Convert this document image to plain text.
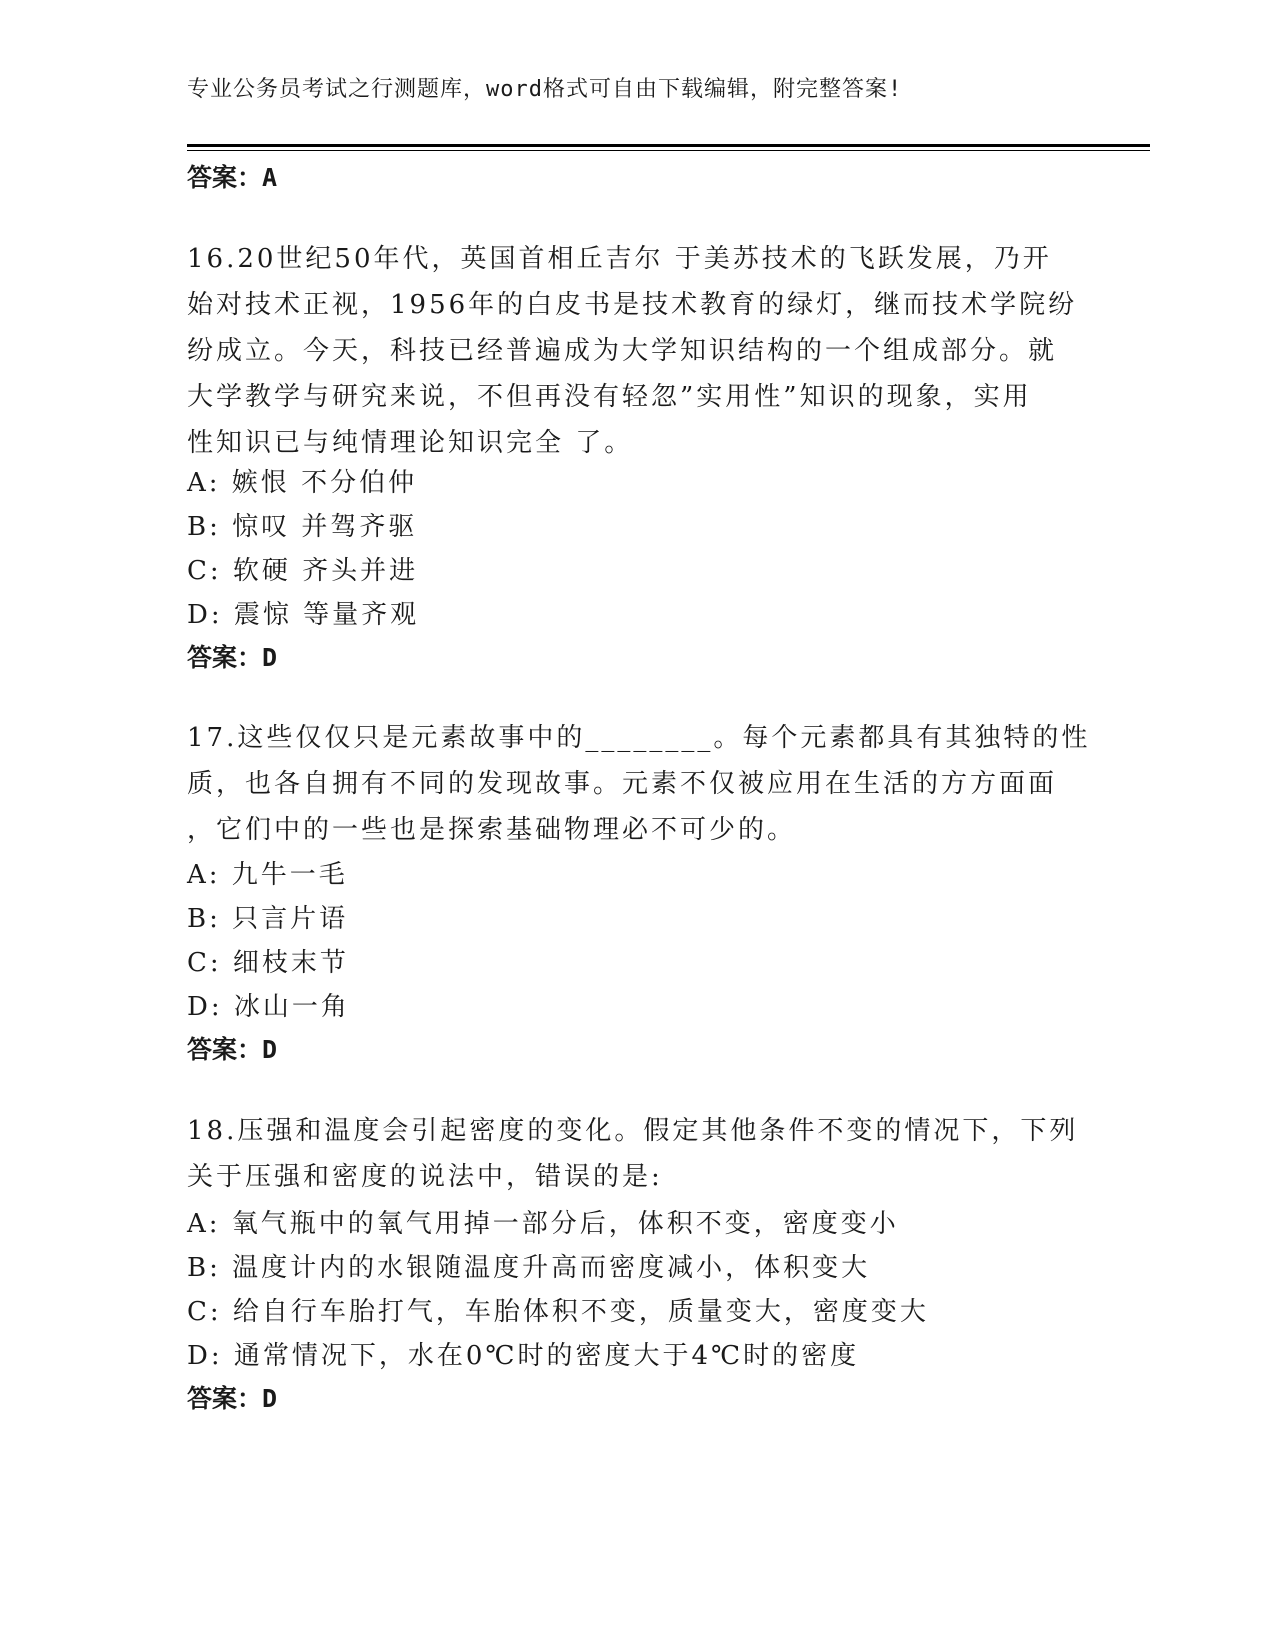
专业公务员考试之行测题库，word格式可自由下载编辑，附完整答案!
答案：A
16.20世纪50年代，英国首相丘吉尔 于美苏技术的飞跃发展，乃开
始对技术正视，1956年的白皮书是技术教育的绿灯，继而技术学院纷
纷成立。今天，科技已经普遍成为大学知识结构的一个组成部分。就
大学教学与研究来说，不但再没有轻忽”实用性”知识的现象，实用
性知识已与纯情理论知识完全 了。
A: 嫉恨 不分伯仲
B: 惊叹 并驾齐驱
C: 软硬 齐头并进
D: 震惊 等量齐观
答案：D
17.这些仅仅只是元素故事中的________。每个元素都具有其独特的性
质，也各自拥有不同的发现故事。元素不仅被应用在生活的方方面面
，它们中的一些也是探索基础物理必不可少的。
A: 九牛一毛
B: 只言片语
C: 细枝末节
D: 冰山一角
答案：D
18.压强和温度会引起密度的变化。假定其他条件不变的情况下，下列
关于压强和密度的说法中，错误的是:
A: 氧气瓶中的氧气用掉一部分后，体积不变，密度变小
B: 温度计内的水银随温度升高而密度减小，体积变大
C: 给自行车胎打气，车胎体积不变，质量变大，密度变大
D: 通常情况下，水在0℃时的密度大于4℃时的密度
答案：D
